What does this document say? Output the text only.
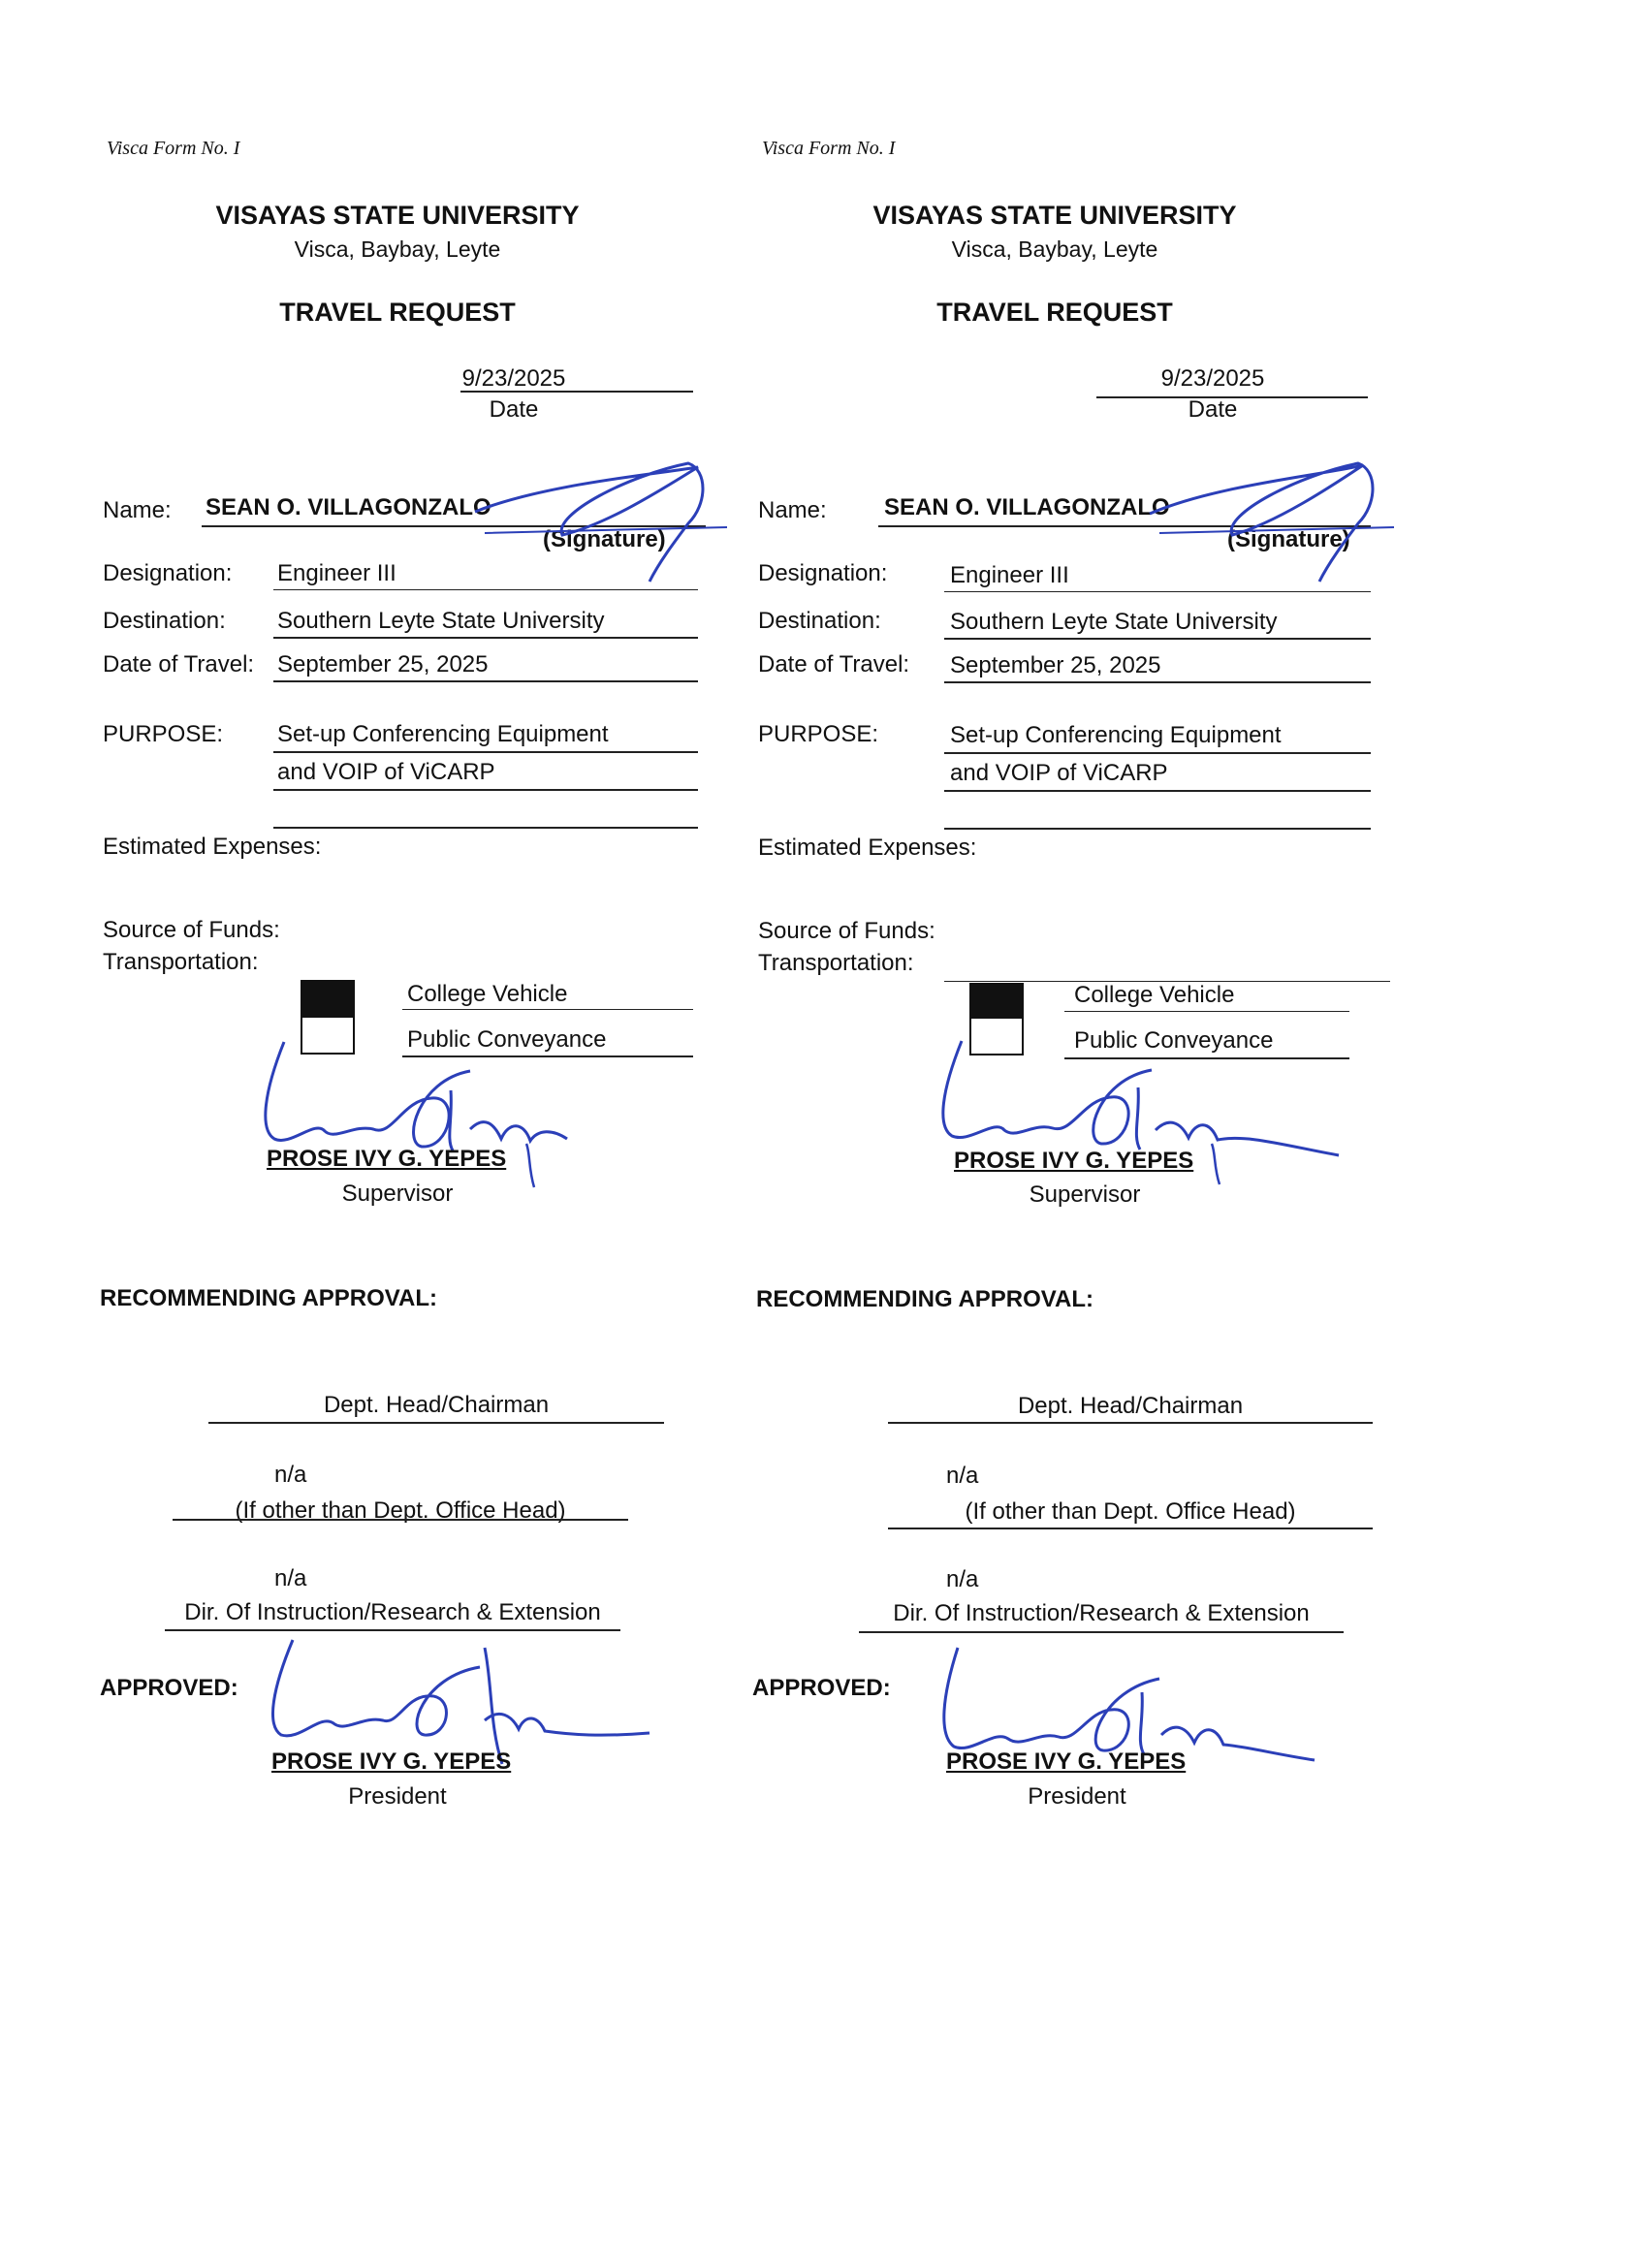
Visca Form No. I
VISAYAS STATE UNIVERSITY
Visca, Baybay, Leyte
TRAVEL REQUEST
9/23/2025
Date
Name: SEAN O. VILLAGONZALO
(Signature)
Designation: Engineer III
Destination: Southern Leyte State University
Date of Travel: September 25, 2025
PURPOSE: Set-up Conferencing Equipment
and VOIP of ViCARP
Estimated Expenses:
Source of Funds:
Transportation:
College Vehicle
Public Conveyance
PROSE IVY G. YEPES
Supervisor
RECOMMENDING APPROVAL:
Dept. Head/Chairman
n/a
(If other than Dept. Office Head)
n/a
Dir. Of Instruction/Research & Extension
APPROVED:
PROSE IVY G. YEPES
President
Visca Form No. I
VISAYAS STATE UNIVERSITY
Visca, Baybay, Leyte
TRAVEL REQUEST
9/23/2025
Date
Name: SEAN O. VILLAGONZALO
(Signature)
Designation:	Engineer III
Destination:	Southern Leyte State University
Date of Travel: September 25, 2025
PURPOSE:	Set-up Conferencing Equipment
and VOIP of ViCARP
Estimated Expenses:
Source of Funds:
Transportation:
College Vehicle
Public Conveyance
PROSE IVY G. YEPES
Supervisor
RECOMMENDING APPROVAL:
Dept. Head/Chairman
n/a
(If other than Dept. Office Head)
n/a
Dir. Of Instruction/Research & Extension
APPROVED:
PROSE IVY G. YEPES
President
